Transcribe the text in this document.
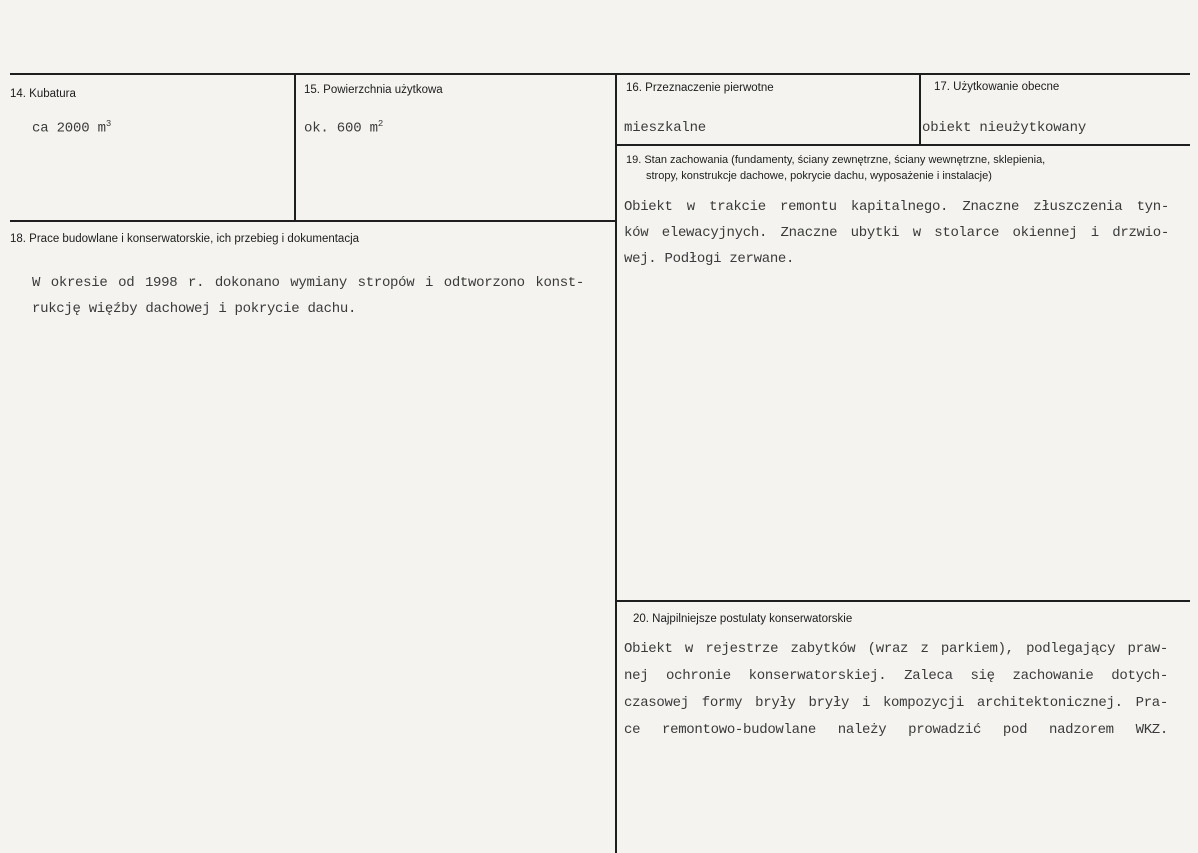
14. Kubatura
ca 2000 $m^3$
15. Powierzchnia użytkowa
ok. 600 $m^2$
16. Przeznaczenie pierwotne
mieszkalne
17. Użytkowanie obecne
obiekt nieużytkowany
18. Prace budowlane i konserwatorskie, ich przebieg i dokumentacja
W okresie od 1998 r. dokonano wymiany stropów i odtworzono konst-
rukcję więźby dachowej i pokrycie dachu.
19. Stan zachowania (fundamenty, ściany zewnętrzne, ściany wewnętrzne, sklepienia,
stropy, konstrukcje dachowe, pokrycie dachu, wyposażenie i instalacje)
Obiekt w trakcie remontu kapitalnego. Znaczne złuszczenia tyn-
ków elewacyjnych. Znaczne ubytki w stolarce okiennej i drzwio-
wej. Podłogi zerwane.
20. Najpilniejsze postulaty konserwatorskie
Obiekt w rejestrze zabytków (wraz z parkiem), podlegający praw-
nej ochronie konserwatorskiej. Zaleca się zachowanie dotych-
czasowej formy bryły bryły i kompozycji architektonicznej. Pra-
ce remontowo-budowlane należy prowadzić pod nadzorem WKZ.
